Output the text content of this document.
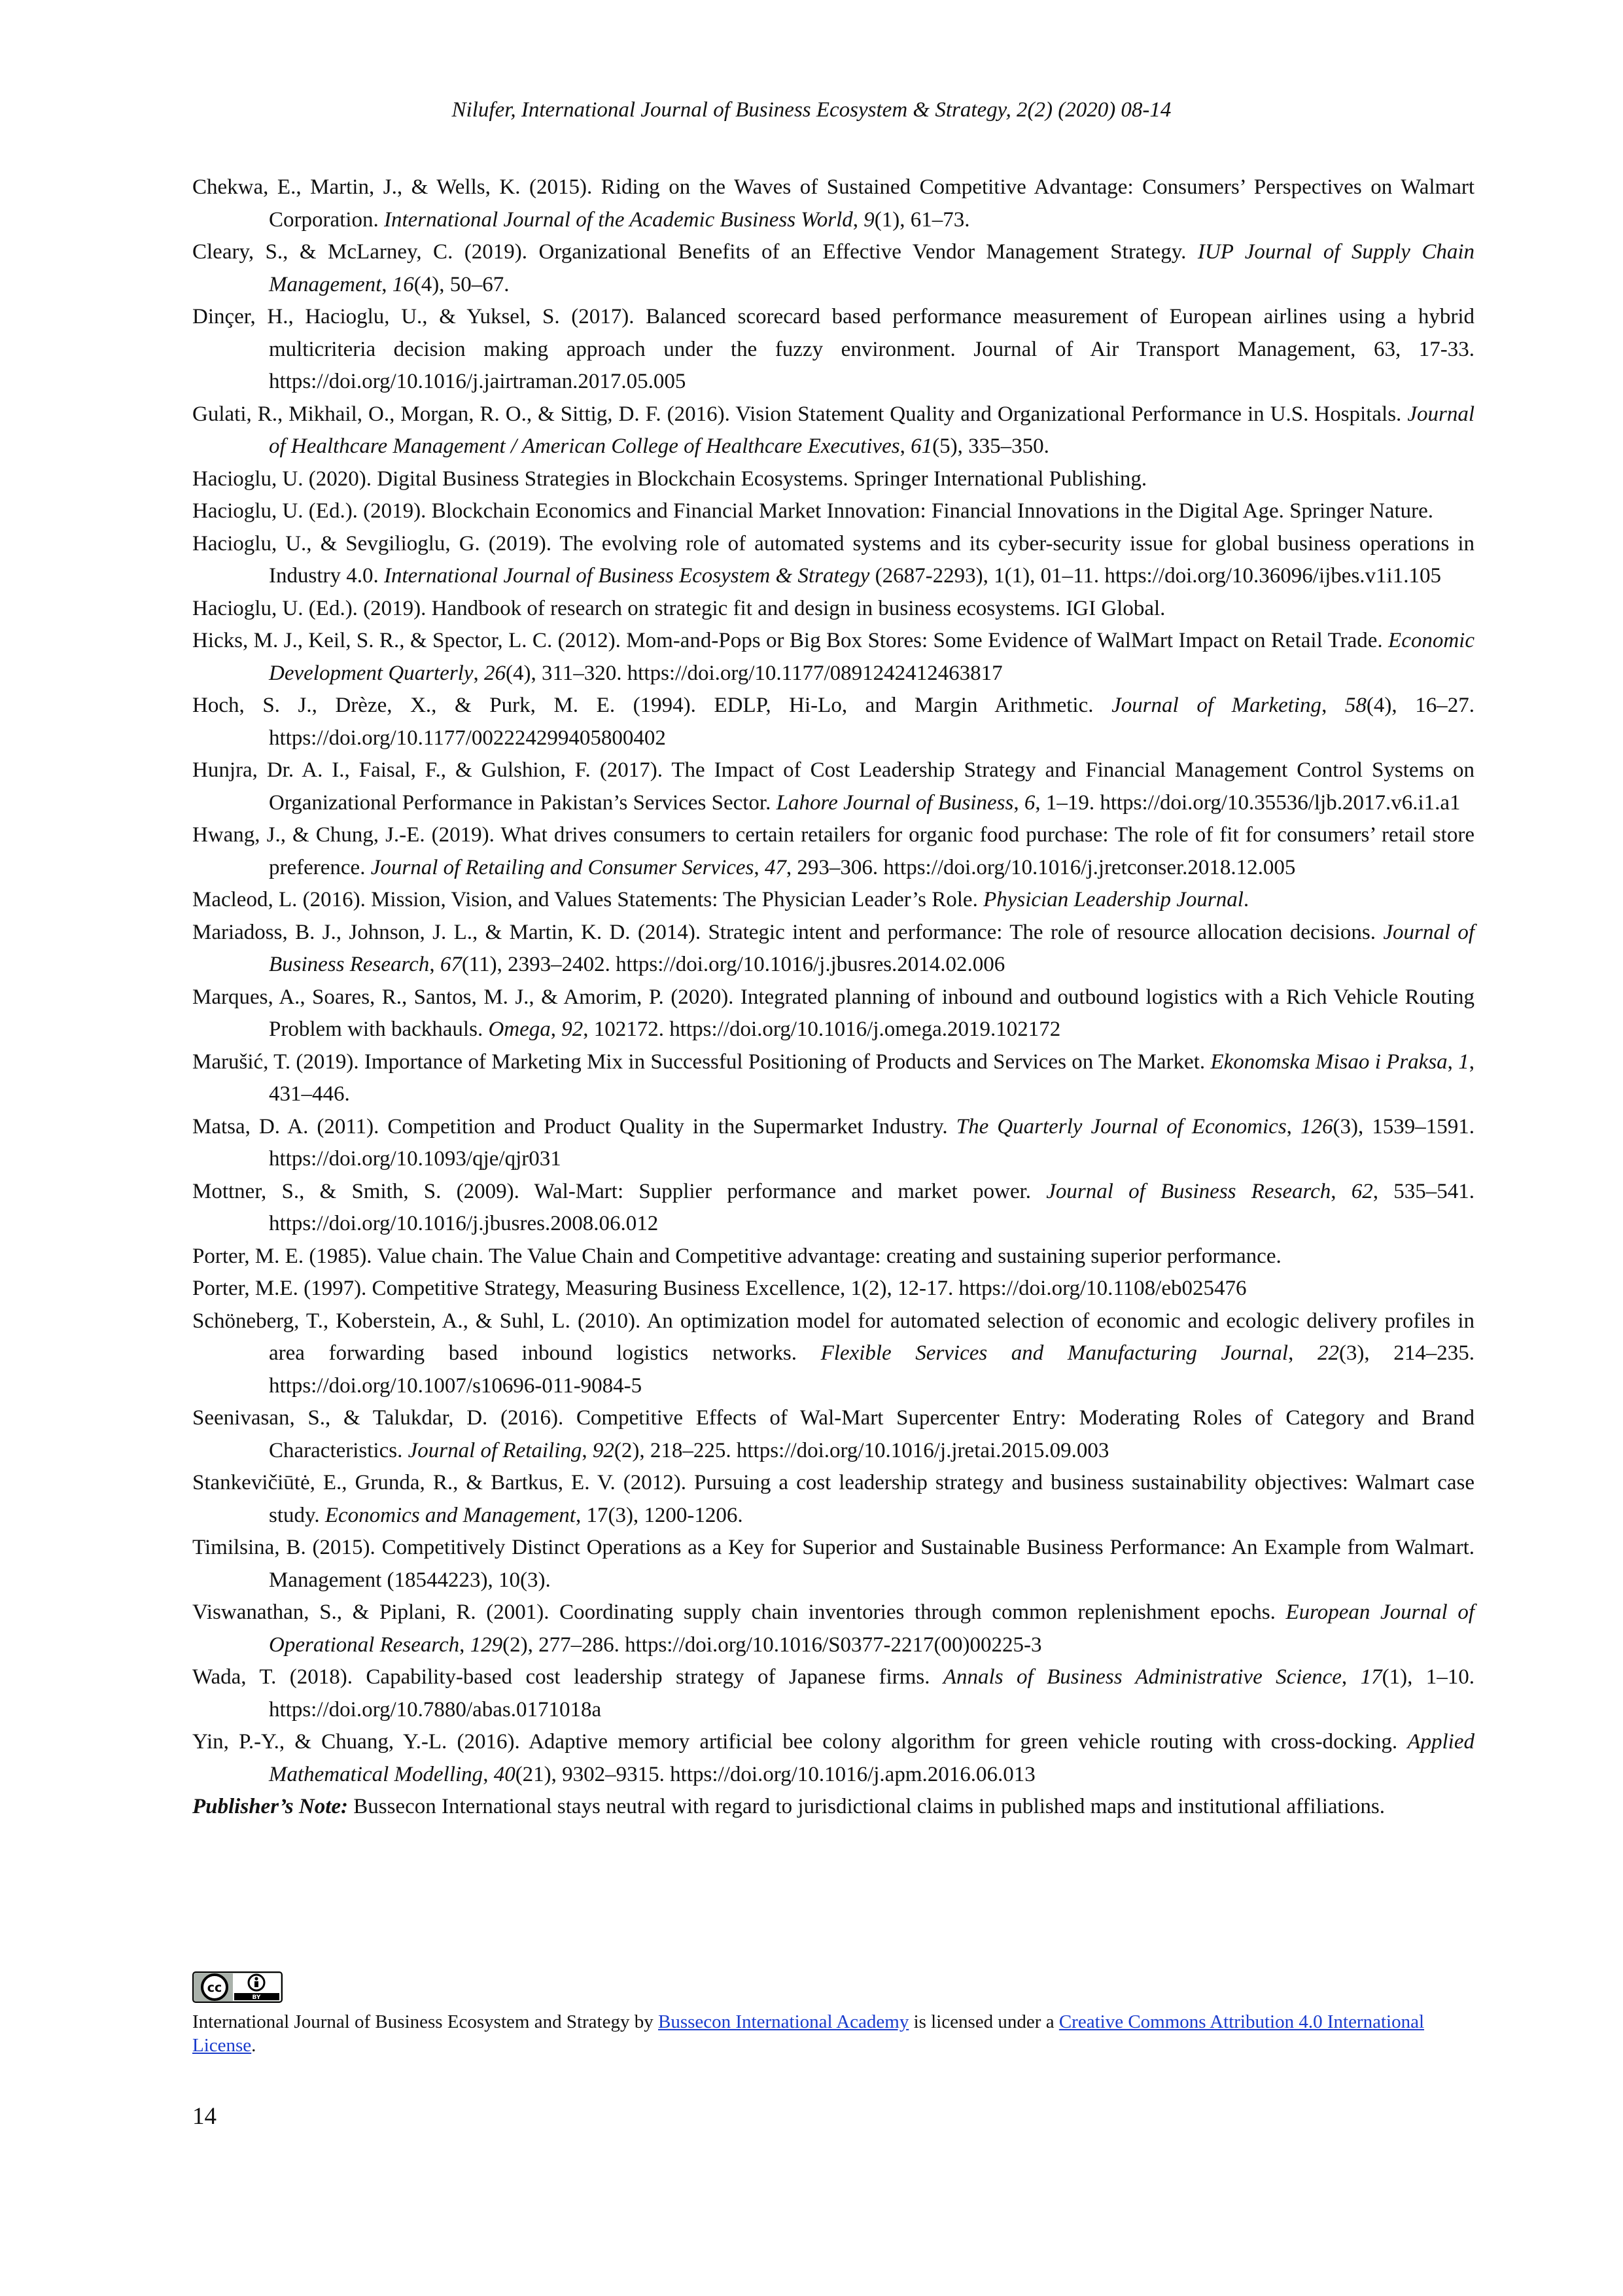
Nilufer, International Journal of Business Ecosystem & Strategy, 2(2) (2020) 08-14
Chekwa, E., Martin, J., & Wells, K. (2015). Riding on the Waves of Sustained Competitive Advantage: Consumers’ Perspectives on Walmart Corporation. International Journal of the Academic Business World, 9(1), 61–73.
Cleary, S., & McLarney, C. (2019). Organizational Benefits of an Effective Vendor Management Strategy. IUP Journal of Supply Chain Management, 16(4), 50–67.
Dinçer, H., Hacioglu, U., & Yuksel, S. (2017). Balanced scorecard based performance measurement of European airlines using a hybrid multicriteria decision making approach under the fuzzy environment. Journal of Air Transport Management, 63, 17-33. https://doi.org/10.1016/j.jairtraman.2017.05.005
Gulati, R., Mikhail, O., Morgan, R. O., & Sittig, D. F. (2016). Vision Statement Quality and Organizational Performance in U.S. Hospitals. Journal of Healthcare Management / American College of Healthcare Executives, 61(5), 335–350.
Hacioglu, U. (2020). Digital Business Strategies in Blockchain Ecosystems. Springer International Publishing.
Hacioglu, U. (Ed.). (2019). Blockchain Economics and Financial Market Innovation: Financial Innovations in the Digital Age. Springer Nature.
Hacioglu, U., & Sevgilioglu, G. (2019). The evolving role of automated systems and its cyber-security issue for global business operations in Industry 4.0. International Journal of Business Ecosystem & Strategy (2687-2293), 1(1), 01–11. https://doi.org/10.36096/ijbes.v1i1.105
Hacioglu, U. (Ed.). (2019). Handbook of research on strategic fit and design in business ecosystems. IGI Global.
Hicks, M. J., Keil, S. R., & Spector, L. C. (2012). Mom-and-Pops or Big Box Stores: Some Evidence of WalMart Impact on Retail Trade. Economic Development Quarterly, 26(4), 311–320. https://doi.org/10.1177/0891242412463817
Hoch, S. J., Drèze, X., & Purk, M. E. (1994). EDLP, Hi-Lo, and Margin Arithmetic. Journal of Marketing, 58(4), 16–27. https://doi.org/10.1177/002224299405800402
Hunjra, Dr. A. I., Faisal, F., & Gulshion, F. (2017). The Impact of Cost Leadership Strategy and Financial Management Control Systems on Organizational Performance in Pakistan’s Services Sector. Lahore Journal of Business, 6, 1–19. https://doi.org/10.35536/ljb.2017.v6.i1.a1
Hwang, J., & Chung, J.-E. (2019). What drives consumers to certain retailers for organic food purchase: The role of fit for consumers’ retail store preference. Journal of Retailing and Consumer Services, 47, 293–306. https://doi.org/10.1016/j.jretconser.2018.12.005
Macleod, L. (2016). Mission, Vision, and Values Statements: The Physician Leader’s Role. Physician Leadership Journal.
Mariadoss, B. J., Johnson, J. L., & Martin, K. D. (2014). Strategic intent and performance: The role of resource allocation decisions. Journal of Business Research, 67(11), 2393–2402. https://doi.org/10.1016/j.jbusres.2014.02.006
Marques, A., Soares, R., Santos, M. J., & Amorim, P. (2020). Integrated planning of inbound and outbound logistics with a Rich Vehicle Routing Problem with backhauls. Omega, 92, 102172. https://doi.org/10.1016/j.omega.2019.102172
Marušić, T. (2019). Importance of Marketing Mix in Successful Positioning of Products and Services on The Market. Ekonomska Misao i Praksa, 1, 431–446.
Matsa, D. A. (2011). Competition and Product Quality in the Supermarket Industry. The Quarterly Journal of Economics, 126(3), 1539–1591. https://doi.org/10.1093/qje/qjr031
Mottner, S., & Smith, S. (2009). Wal-Mart: Supplier performance and market power. Journal of Business Research, 62, 535–541. https://doi.org/10.1016/j.jbusres.2008.06.012
Porter, M. E. (1985). Value chain. The Value Chain and Competitive advantage: creating and sustaining superior performance.
Porter, M.E. (1997). Competitive Strategy, Measuring Business Excellence, 1(2), 12-17. https://doi.org/10.1108/eb025476
Schöneberg, T., Koberstein, A., & Suhl, L. (2010). An optimization model for automated selection of economic and ecologic delivery profiles in area forwarding based inbound logistics networks. Flexible Services and Manufacturing Journal, 22(3), 214–235. https://doi.org/10.1007/s10696-011-9084-5
Seenivasan, S., & Talukdar, D. (2016). Competitive Effects of Wal-Mart Supercenter Entry: Moderating Roles of Category and Brand Characteristics. Journal of Retailing, 92(2), 218–225. https://doi.org/10.1016/j.jretai.2015.09.003
Stankevičiūtė, E., Grunda, R., & Bartkus, E. V. (2012). Pursuing a cost leadership strategy and business sustainability objectives: Walmart case study. Economics and Management, 17(3), 1200-1206.
Timilsina, B. (2015). Competitively Distinct Operations as a Key for Superior and Sustainable Business Performance: An Example from Walmart. Management (18544223), 10(3).
Viswanathan, S., & Piplani, R. (2001). Coordinating supply chain inventories through common replenishment epochs. European Journal of Operational Research, 129(2), 277–286. https://doi.org/10.1016/S0377-2217(00)00225-3
Wada, T. (2018). Capability-based cost leadership strategy of Japanese firms. Annals of Business Administrative Science, 17(1), 1–10. https://doi.org/10.7880/abas.0171018a
Yin, P.-Y., & Chuang, Y.-L. (2016). Adaptive memory artificial bee colony algorithm for green vehicle routing with cross-docking. Applied Mathematical Modelling, 40(21), 9302–9315. https://doi.org/10.1016/j.apm.2016.06.013
Publisher’s Note: Bussecon International stays neutral with regard to jurisdictional claims in published maps and institutional affiliations.
cc
BY
International Journal of Business Ecosystem and Strategy by Bussecon International Academy is licensed under a Creative Commons Attribution 4.0 International License.
14
